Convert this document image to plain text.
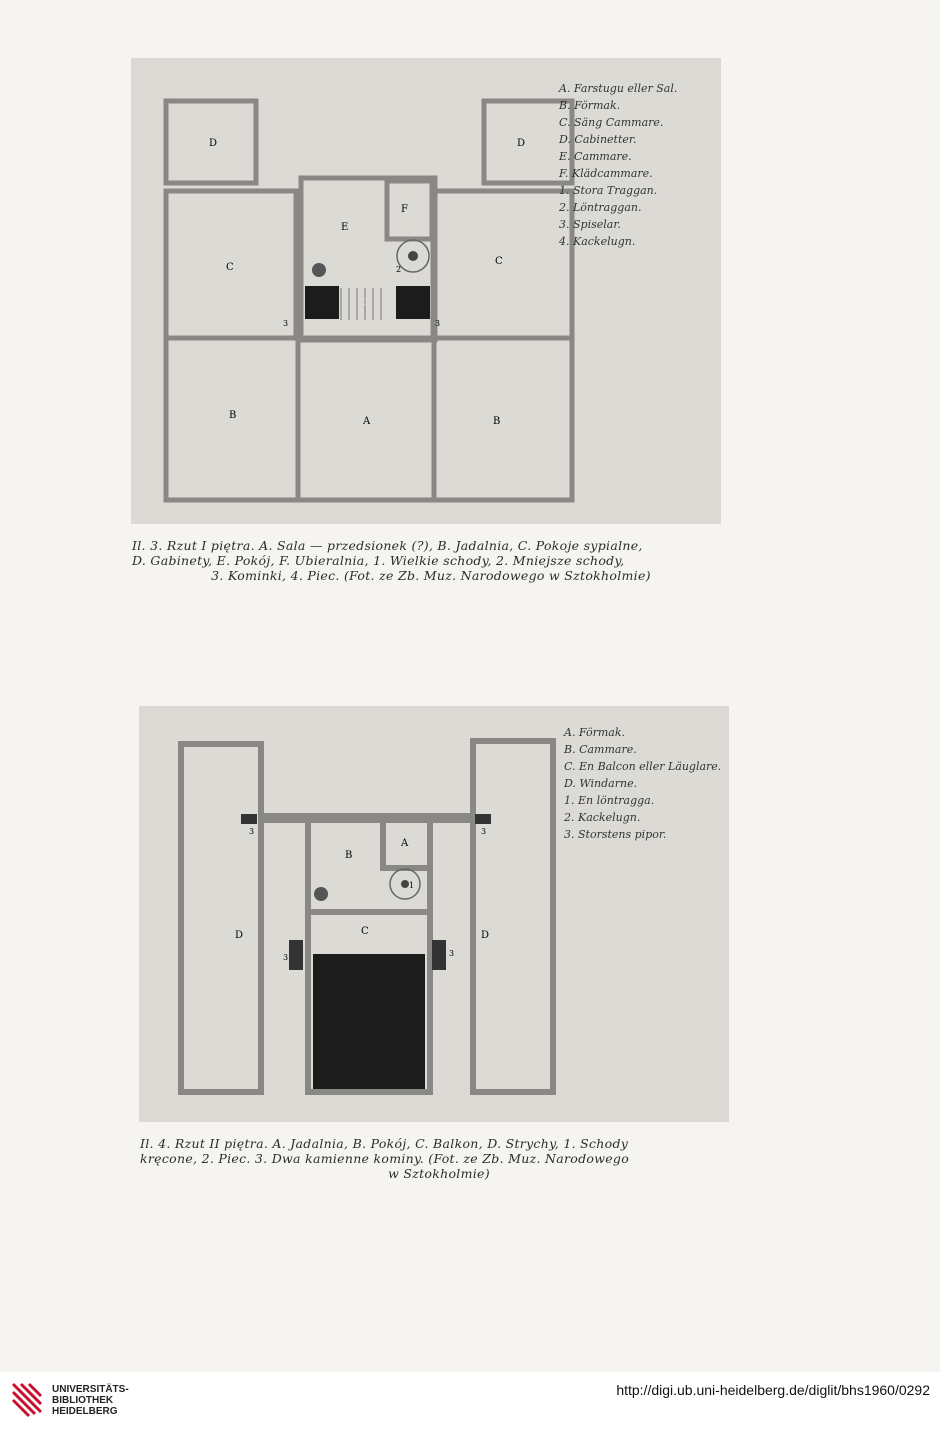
D	D
E
F
C
C
B
A	B
1
2
3	3
A. Farstugu eller Sal.
B. Förmak.
C. Säng Cammare.
D. Cabinetter.
E. Cammare.
F. Klädcammare.
1. Stora Traggan.
2. Löntraggan.
3. Spiselar.
4. Kackelugn.
Il. 3. Rzut I piętra. A. Sala — przedsionek (?), B. Jadalnia, C. Pokoje sypialne,
D. Gabinety, E. Pokój, F. Ubieralnia, 1. Wielkie schody, 2. Mniejsze schody,
3. Kominki, 4. Piec. (Fot. ze Zb. Muz. Narodowego w Sztokholmie)
B
A
D	C	D
1
3	3
3	3
A. Förmak.
B. Cammare.
C. En Balcon eller Läuglare.
D. Windarne.
1. En löntragga.
2. Kackelugn.
3. Storstens pipor.
Il. 4. Rzut II piętra. A. Jadalnia, B. Pokój, C. Balkon, D. Strychy, 1. Schody
kręcone, 2. Piec. 3. Dwa kamienne kominy. (Fot. ze Zb. Muz. Narodowego
w Sztokholmie)
UNIVERSITÄTS-
BIBLIOTHEK
HEIDELBERG
http://digi.ub.uni-heidelberg.de/diglit/bhs1960/0292
